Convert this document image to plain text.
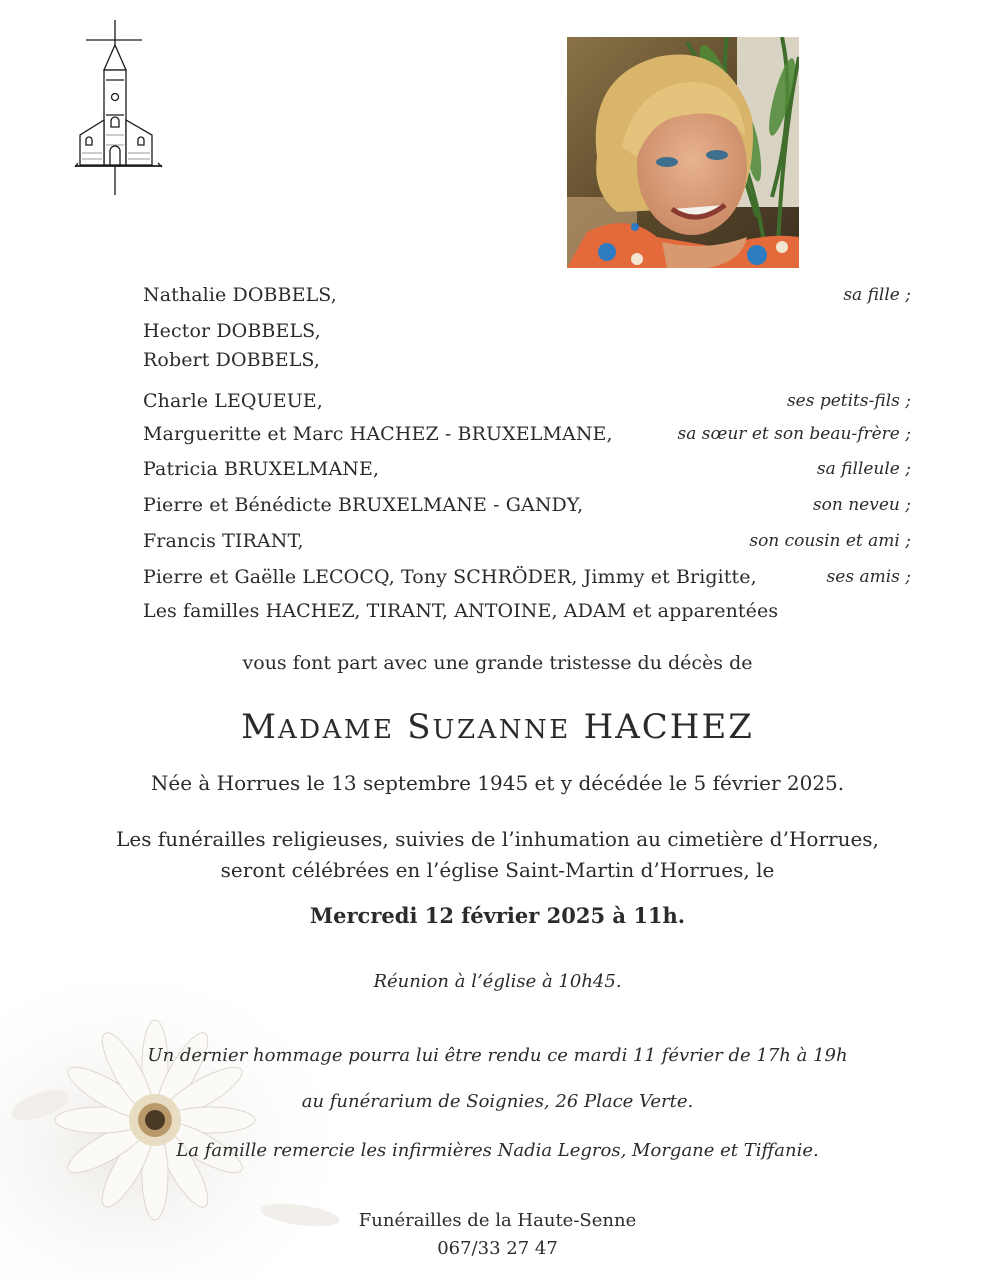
Nathalie DOBBELS,	sa fille ;
Hector DOBBELS,
Robert DOBBELS,
Charle LEQUEUE,	ses petits-fils ;
Margueritte et Marc HACHEZ - BRUXELMANE,	sa sœur et son beau-frère ;
Patricia BRUXELMANE,	sa filleule ;
Pierre et Bénédicte BRUXELMANE - GANDY,	son neveu ;
Francis TIRANT,	son cousin et ami ;
Pierre et Gaëlle LECOCQ, Tony SCHRÖDER, Jimmy et Brigitte,	ses amis ;
Les familles HACHEZ, TIRANT, ANTOINE, ADAM et apparentées
vous font part avec une grande tristesse du décès de
MADAME SUZANNE HACHEZ
Née à Horrues le 13 septembre 1945 et y décédée le 5 février 2025.
Les funérailles religieuses, suivies de l’inhumation au cimetière d’Horrues,
seront célébrées en l’église Saint-Martin d’Horrues, le
Mercredi 12 février 2025 à 11h.
Réunion à l’église à 10h45.
Un dernier hommage pourra lui être rendu ce mardi 11 février de 17h à 19h
au funérarium de Soignies, 26 Place Verte.
La famille remercie les infirmières Nadia Legros, Morgane et Tiffanie.
Funérailles de la Haute-Senne
067/33 27 47
